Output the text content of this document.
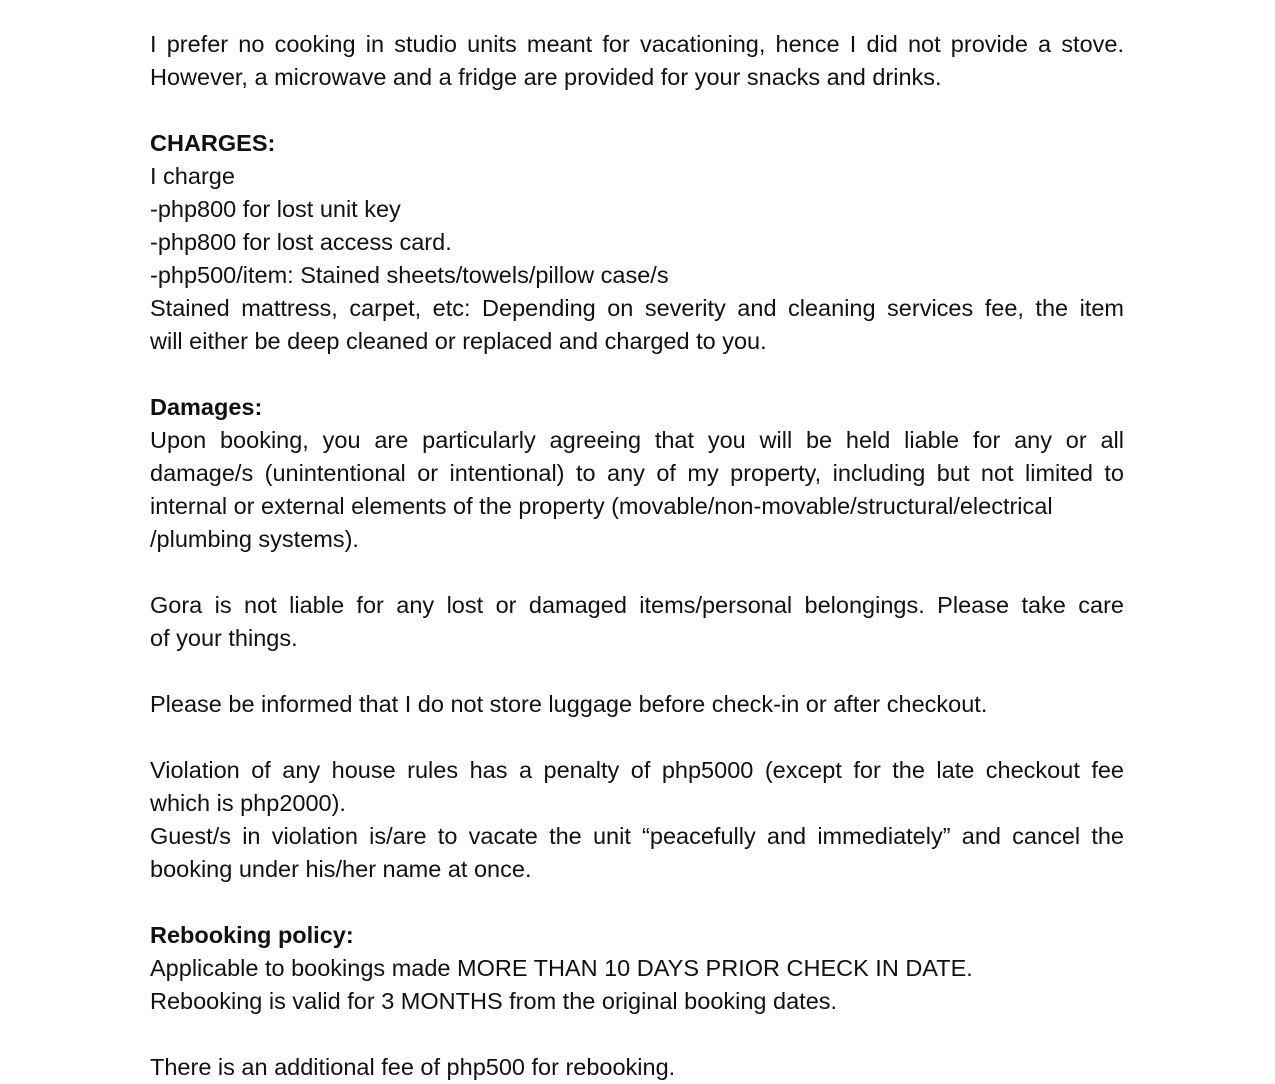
I prefer no cooking in studio units meant for vacationing, hence I did not provide a stove.
However, a microwave and a fridge are provided for your snacks and drinks.
CHARGES:
I charge
-php800 for lost unit key
-php800 for lost access card.
-php500/item: Stained sheets/towels/pillow case/s
Stained mattress, carpet, etc: Depending on severity and cleaning services fee, the item
will either be deep cleaned or replaced and charged to you.
Damages:
Upon booking, you are particularly agreeing that you will be held liable for any or all
damage/s (unintentional or intentional) to any of my property, including but not limited to
internal or external elements of the property (movable/non-movable/structural/electrical
/plumbing systems).
Gora is not liable for any lost or damaged items/personal belongings. Please take care
of your things.
Please be informed that I do not store luggage before check-in or after checkout.
Violation of any house rules has a penalty of php5000 (except for the late checkout fee
which is php2000).
Guest/s in violation is/are to vacate the unit “peacefully and immediately” and cancel the
booking under his/her name at once.
Rebooking policy:
Applicable to bookings made MORE THAN 10 DAYS PRIOR CHECK IN DATE.
Rebooking is valid for 3 MONTHS from the original booking dates.
There is an additional fee of php500 for rebooking.
